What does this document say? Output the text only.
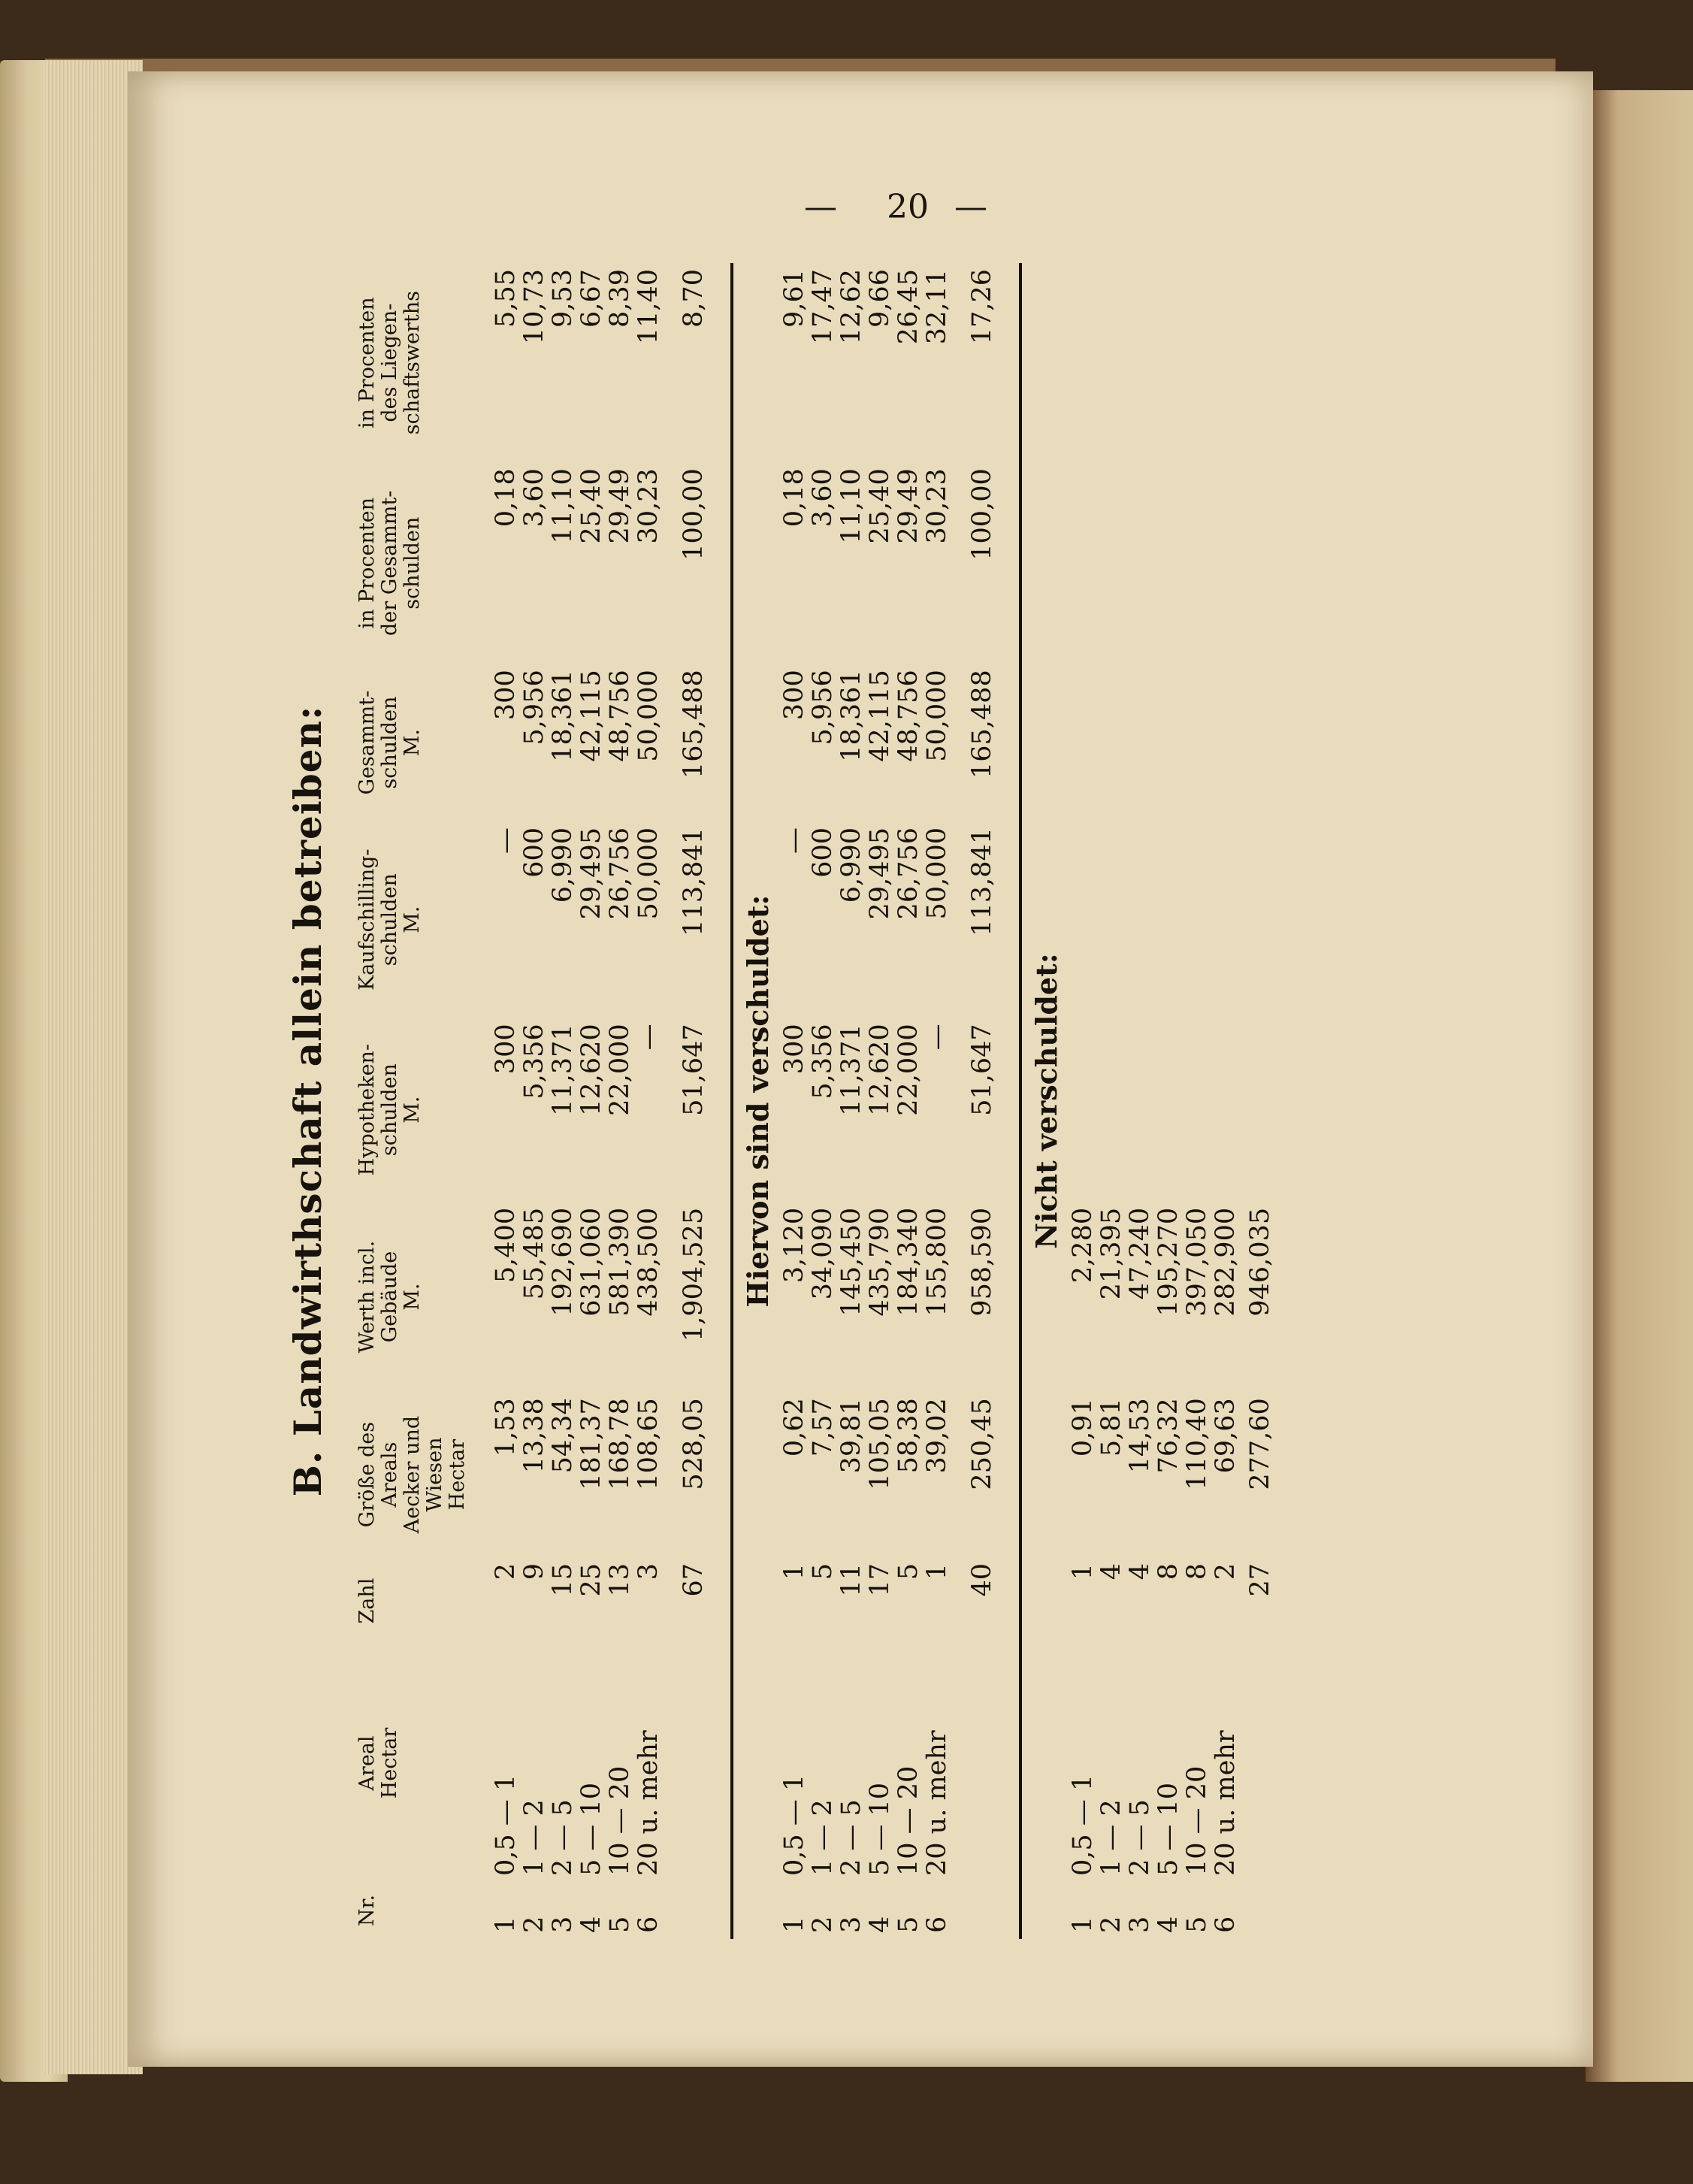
— 20 —
B. Landwirthschaft allein betreiben:
Nr.	Areal
Hectar	Zahl	Größe des
Areals
Aecker und
Wiesen
Hectar	Werth incl.
Gebäude
M.	Hypotheken-
schulden
M.	Kaufschilling-
schulden
M.	Gesammt-
schulden
M.	in Procenten
der Gesammt-
schulden	in Procenten
des Liegen-
schaftswerths
1	0,5 — 1	2	1,53	5,400	300	—	300	0,18	5,55
2	1 — 2	9	13,38	55,485	5,356	600	5,956	3,60	10,73
3	2 — 5	15	54,34	192,690	11,371	6,990	18,361	11,10	9,53
4	5 — 10	25	181,37	631,060	12,620	29,495	42,115	25,40	6,67
5	10 — 20	13	168,78	581,390	22,000	26,756	48,756	29,49	8,39
6	20 u. mehr	3	108,65	438,500	—	50,000	50,000	30,23	11,40

		67	528,05	1,904,525	51,647	113,841	165,488	100,00	8,70

Hiervon sind verschuldet:									
1	0,5 — 1	1	0,62	3,120	300	—	300	0,18	9,61
2	1 — 2	5	7,57	34,090	5,356	600	5,956	3,60	17,47
3	2 — 5	11	39,81	145,450	11,371	6,990	18,361	11,10	12,62
4	5 — 10	17	105,05	435,790	12,620	29,495	42,115	25,40	9,66
5	10 — 20	5	58,38	184,340	22,000	26,756	48,756	29,49	26,45
6	20 u. mehr	1	39,02	155,800	—	50,000	50,000	30,23	32,11

		40	250,45	958,590	51,647	113,841	165,488	100,00	17,26

Nicht verschuldet:									
1	0,5 — 1	1	0,91	2,280					
2	1 — 2	4	5,81	21,395					
3	2 — 5	4	14,53	47,240					
4	5 — 10	8	76,32	195,270					
5	10 — 20	8	110,40	397,050					
6	20 u. mehr	2	69,63	282,900					
		27	277,60	946,035					
